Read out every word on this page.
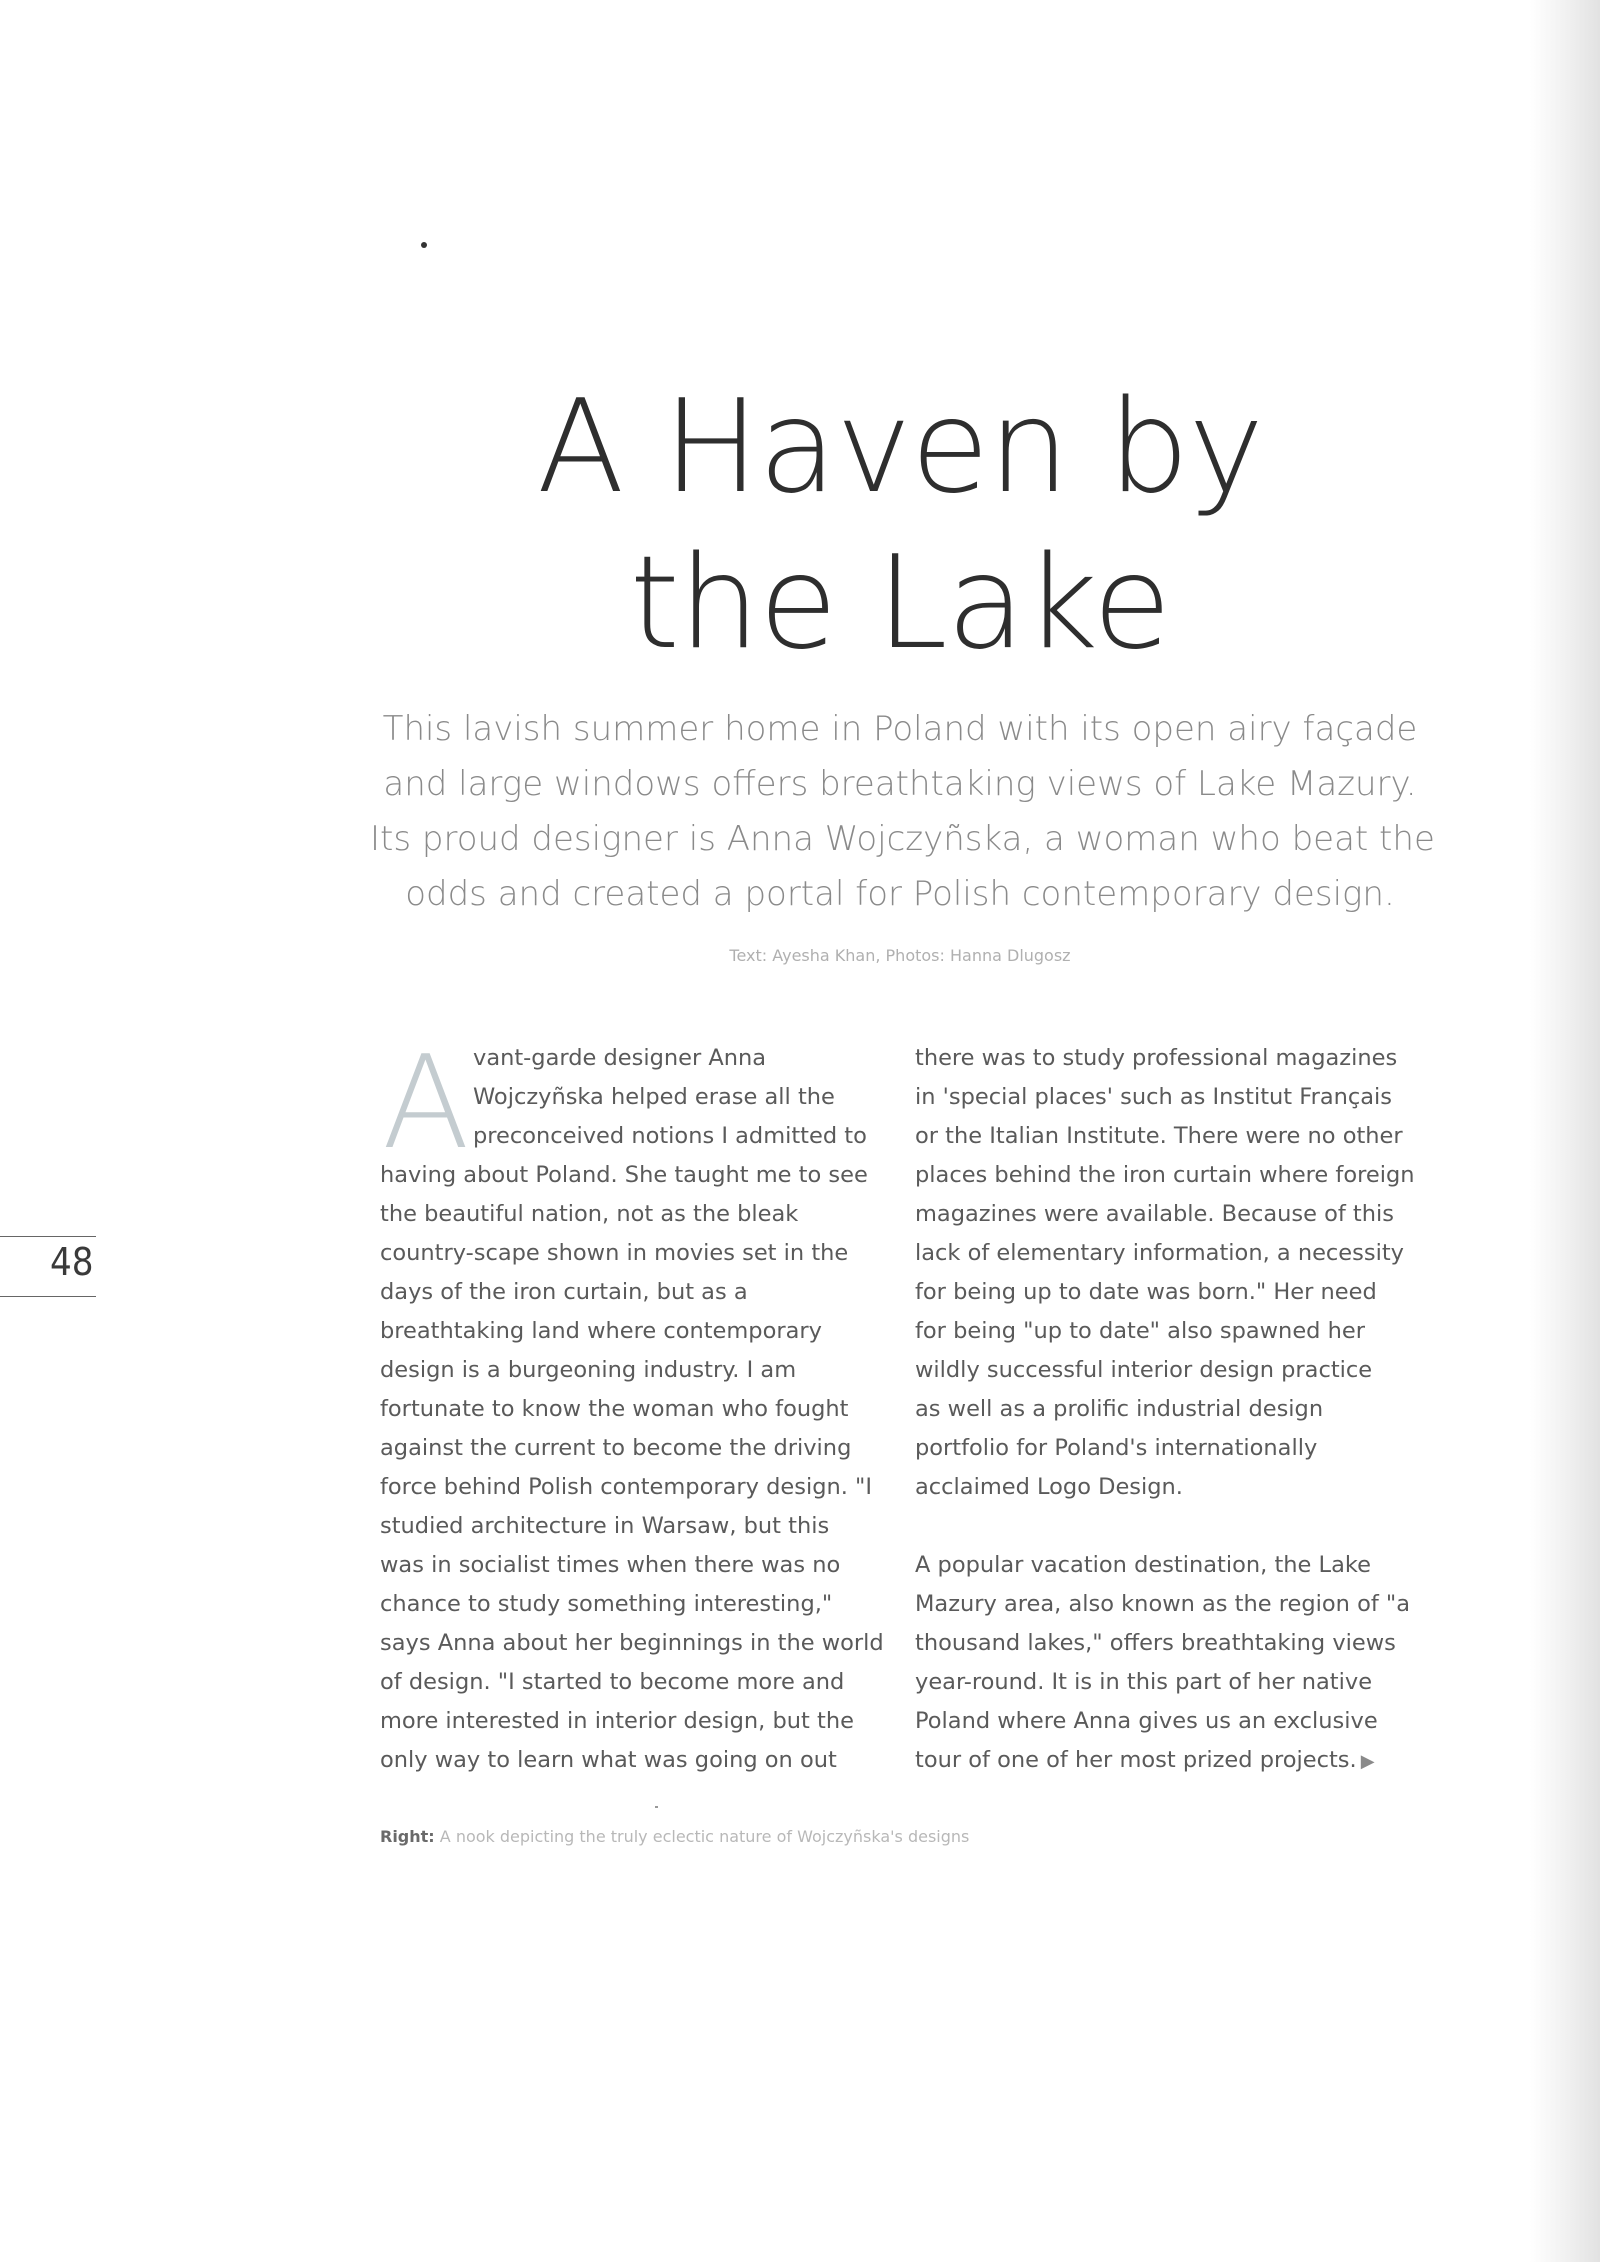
A Haven by
the Lake

This lavish summer home in Poland with its open airy façade
and large windows offers breathtaking views of Lake Mazury.
Its proud designer is Anna Wojczyñska, a woman who beat the
odds and created a portal for Polish contemporary design.

Text: Ayesha Khan, Photos: Hanna Dlugosz
A vant-garde designer Anna
Wojczyñska helped erase all the
preconceived notions I admitted to
having about Poland. She taught me to see
the beautiful nation, not as the bleak
country-scape shown in movies set in the
days of the iron curtain, but as a
breathtaking land where contemporary
design is a burgeoning industry. I am
fortunate to know the woman who fought
against the current to become the driving
force behind Polish contemporary design. "I
studied architecture in Warsaw, but this
was in socialist times when there was no
chance to study something interesting,"
says Anna about her beginnings in the world
of design. "I started to become more and
more interested in interior design, but the
only way to learn what was going on out
there was to study professional magazines
in 'special places' such as Institut Français
or the Italian Institute. There were no other
places behind the iron curtain where foreign
magazines were available. Because of this
lack of elementary information, a necessity
for being up to date was born." Her need
for being "up to date" also spawned her
wildly successful interior design practice
as well as a prolific industrial design
portfolio for Poland's internationally
acclaimed Logo Design.
A popular vacation destination, the Lake
Mazury area, also known as the region of "a
thousand lakes," offers breathtaking views
year-round. It is in this part of her native
Poland where Anna gives us an exclusive
tour of one of her most prized projects. ▶
48
Right: A nook depicting the truly eclectic nature of Wojczyñska's designs
